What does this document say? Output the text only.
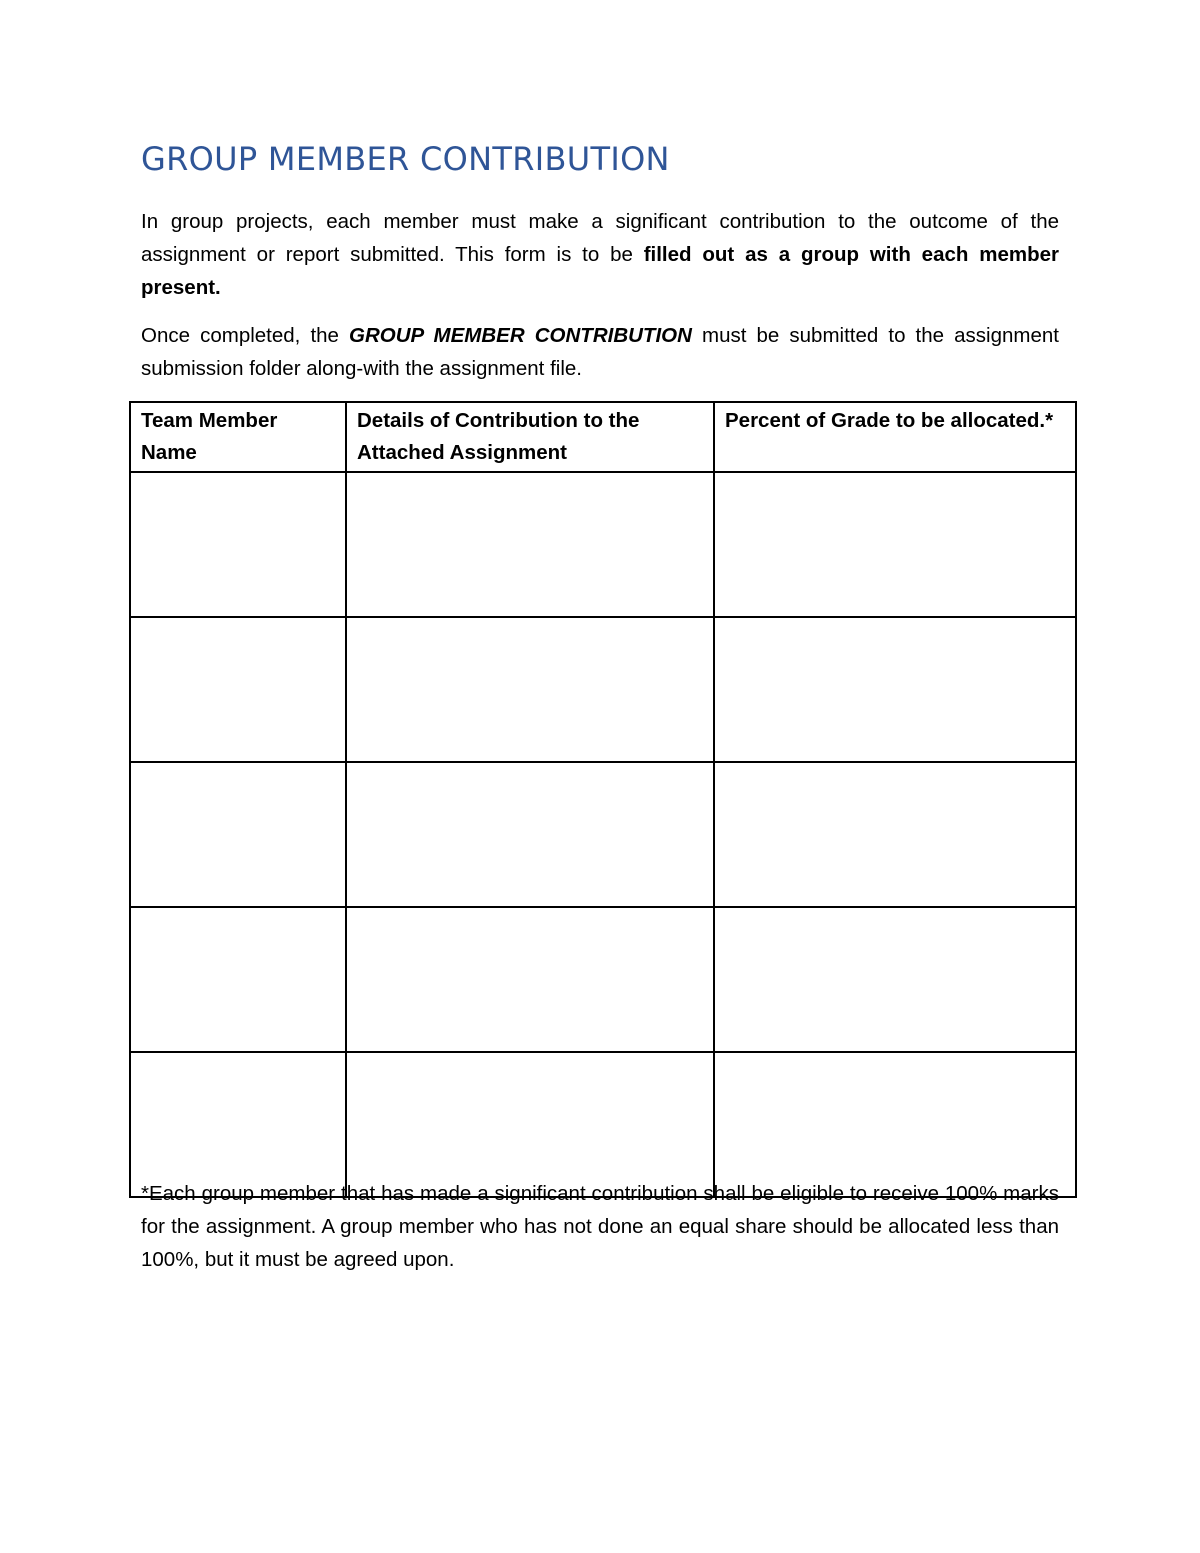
GROUP MEMBER CONTRIBUTION

In group projects, each member must make a significant contribution to the outcome of the assignment or report submitted. This form is to be filled out as a group with each member present.

Once completed, the GROUP MEMBER CONTRIBUTION must be submitted to the assignment submission folder along-with the assignment file.

Team Member Name	Details of Contribution to the Attached Assignment	Percent of Grade to be allocated.*

*Each group member that has made a significant contribution shall be eligible to receive 100% marks for the assignment. A group member who has not done an equal share should be allocated less than 100%, but it must be agreed upon.
